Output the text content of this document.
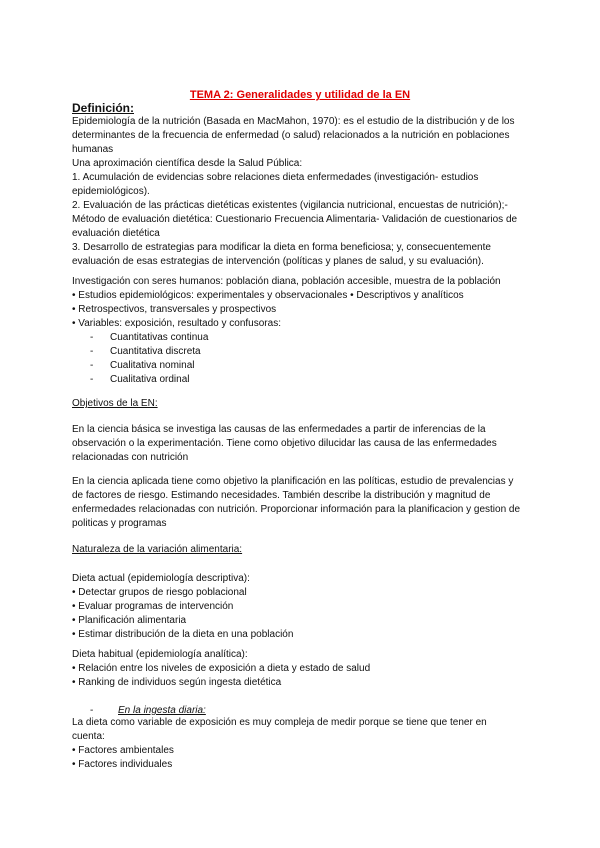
TEMA 2: Generalidades y utilidad de la EN
Definición:
Epidemiología de la nutrición (Basada en MacMahon, 1970): es el estudio de la distribución y de los
determinantes de la frecuencia de enfermedad (o salud) relacionados a la nutrición en poblaciones
humanas
Una aproximación científica desde la Salud Pública:
1. Acumulación de evidencias sobre relaciones dieta enfermedades (investigación- estudios
epidemiológicos).
2. Evaluación de las prácticas dietéticas existentes (vigilancia nutricional, encuestas de nutrición);-
Método de evaluación dietética: Cuestionario Frecuencia Alimentaria- Validación de cuestionarios de
evaluación dietética
3. Desarrollo de estrategias para modificar la dieta en forma beneficiosa; y, consecuentemente
evaluación de esas estrategias de intervención (políticas y planes de salud, y su evaluación).
Investigación con seres humanos: población diana, población accesible, muestra de la población
• Estudios epidemiológicos: experimentales y observacionales • Descriptivos y analíticos
• Retrospectivos, transversales y prospectivos
• Variables: exposición, resultado y confusoras:
- Cuantitativas continua
- Cuantitativa discreta
- Cualitativa nominal
- Cualitativa ordinal
Objetivos de la EN:
En la ciencia básica se investiga las causas de las enfermedades a partir de inferencias de la
observación o la experimentación. Tiene como objetivo dilucidar las causa de las enfermedades
relacionadas con nutrición
En la ciencia aplicada tiene como objetivo la planificación en las políticas, estudio de prevalencias y
de factores de riesgo. Estimando necesidades. También describe la distribución y magnitud de
enfermedades relacionadas con nutrición. Proporcionar información para la planificacion y gestion de
politicas y programas
Naturaleza de la variación alimentaria:
Dieta actual (epidemiología descriptiva):
• Detectar grupos de riesgo poblacional
• Evaluar programas de intervención
• Planificación alimentaria
• Estimar distribución de la dieta en una población
Dieta habitual (epidemiología analítica):
• Relación entre los niveles de exposición a dieta y estado de salud
• Ranking de individuos según ingesta dietética
- En la ingesta diaria:
La dieta como variable de exposición es muy compleja de medir porque se tiene que tener en
cuenta:
• Factores ambientales
• Factores individuales
